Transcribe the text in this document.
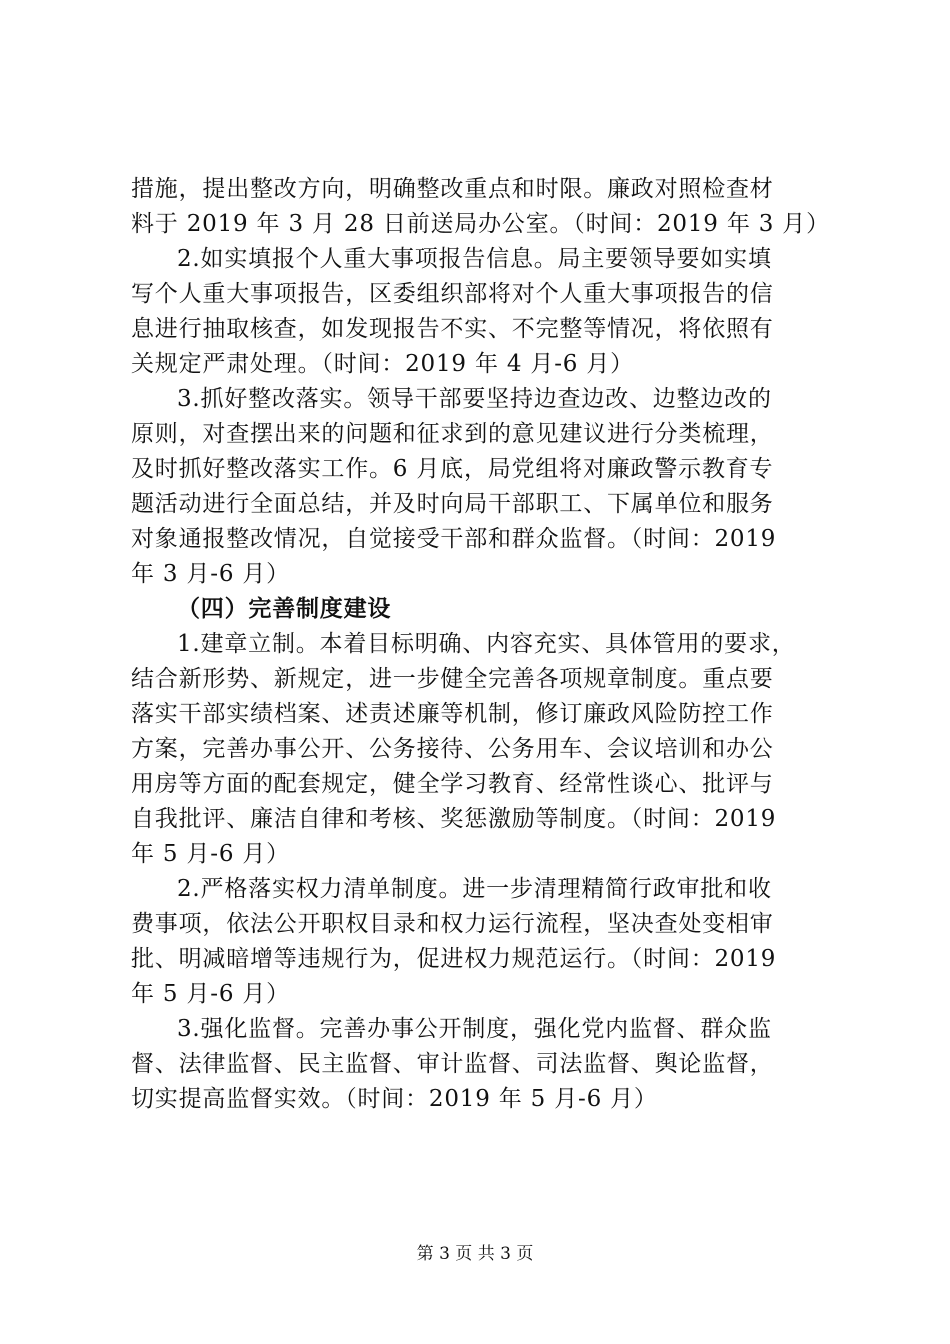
措施，提出整改方向，明确整改重点和时限。廉政对照检查材
料于 2019 年 3 月 28 日前送局办公室。（时间：2019 年 3 月）
2.如实填报个人重大事项报告信息。局主要领导要如实填
写个人重大事项报告，区委组织部将对个人重大事项报告的信
息进行抽取核查，如发现报告不实、不完整等情况，将依照有
关规定严肃处理。（时间：2019 年 4 月-6 月）
3.抓好整改落实。领导干部要坚持边查边改、边整边改的
原则，对查摆出来的问题和征求到的意见建议进行分类梳理，
及时抓好整改落实工作。6 月底，局党组将对廉政警示教育专
题活动进行全面总结，并及时向局干部职工、下属单位和服务
对象通报整改情况，自觉接受干部和群众监督。（时间：2019
年 3 月-6 月）
（四）完善制度建设
1.建章立制。本着目标明确、内容充实、具体管用的要求，
结合新形势、新规定，进一步健全完善各项规章制度。重点要
落实干部实绩档案、述责述廉等机制，修订廉政风险防控工作
方案，完善办事公开、公务接待、公务用车、会议培训和办公
用房等方面的配套规定，健全学习教育、经常性谈心、批评与
自我批评、廉洁自律和考核、奖惩激励等制度。（时间：2019
年 5 月-6 月）
2.严格落实权力清单制度。进一步清理精简行政审批和收
费事项，依法公开职权目录和权力运行流程，坚决查处变相审
批、明减暗增等违规行为，促进权力规范运行。（时间：2019
年 5 月-6 月）
3.强化监督。完善办事公开制度，强化党内监督、群众监
督、法律监督、民主监督、审计监督、司法监督、舆论监督，
切实提高监督实效。（时间：2019 年 5 月-6 月）
第 3 页 共 3 页
